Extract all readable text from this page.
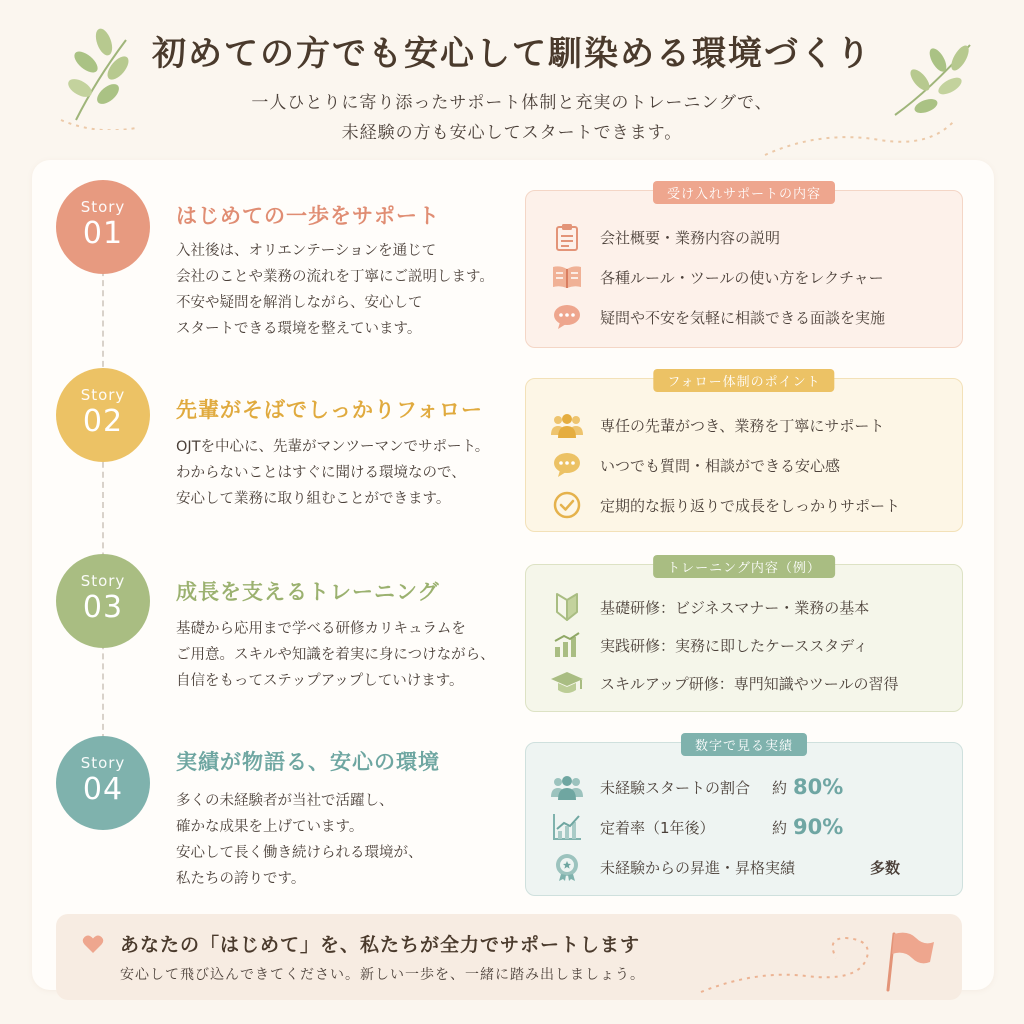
初めての方でも安心して馴染める環境づくり
一人ひとりに寄り添ったサポート体制と充実のトレーニングで、
未経験の方も安心してスタートできます。
Story
01	はじめての一歩をサポート
入社後は、オリエンテーションを通じて
会社のことや業務の流れを丁寧にご説明します。
不安や疑問を解消しながら、安心して
スタートできる環境を整えています。
Story
02	先輩がそばでしっかりフォロー
OJTを中心に、先輩がマンツーマンでサポート。
わからないことはすぐに聞ける環境なので、
安心して業務に取り組むことができます。
Story
03	成長を支えるトレーニング
基礎から応用まで学べる研修カリキュラムを
ご用意。スキルや知識を着実に身につけながら、
自信をもってステップアップしていけます。
Story
04
実績が物語る、安心の環境
多くの未経験者が当社で活躍し、
確かな成果を上げています。
安心して長く働き続けられる環境が、
私たちの誇りです。
受け入れサポートの内容
会社概要・業務内容の説明
各種ルール・ツールの使い方をレクチャー
疑問や不安を気軽に相談できる面談を実施
フォロー体制のポイント
専任の先輩がつき、業務を丁寧にサポート
いつでも質問・相談ができる安心感
定期的な振り返りで成長をしっかりサポート
トレーニング内容（例）
基礎研修：ビジネスマナー・業務の基本
実践研修：実務に即したケーススタディ
スキルアップ研修：専門知識やツールの習得
数字で見る実績
未経験スタートの割合	約 80%
定着率（1年後）	約 90%
未経験からの昇進・昇格実績	多数
あなたの「はじめて」を、私たちが全力でサポートします
安心して飛び込んできてください。新しい一歩を、一緒に踏み出しましょう。
